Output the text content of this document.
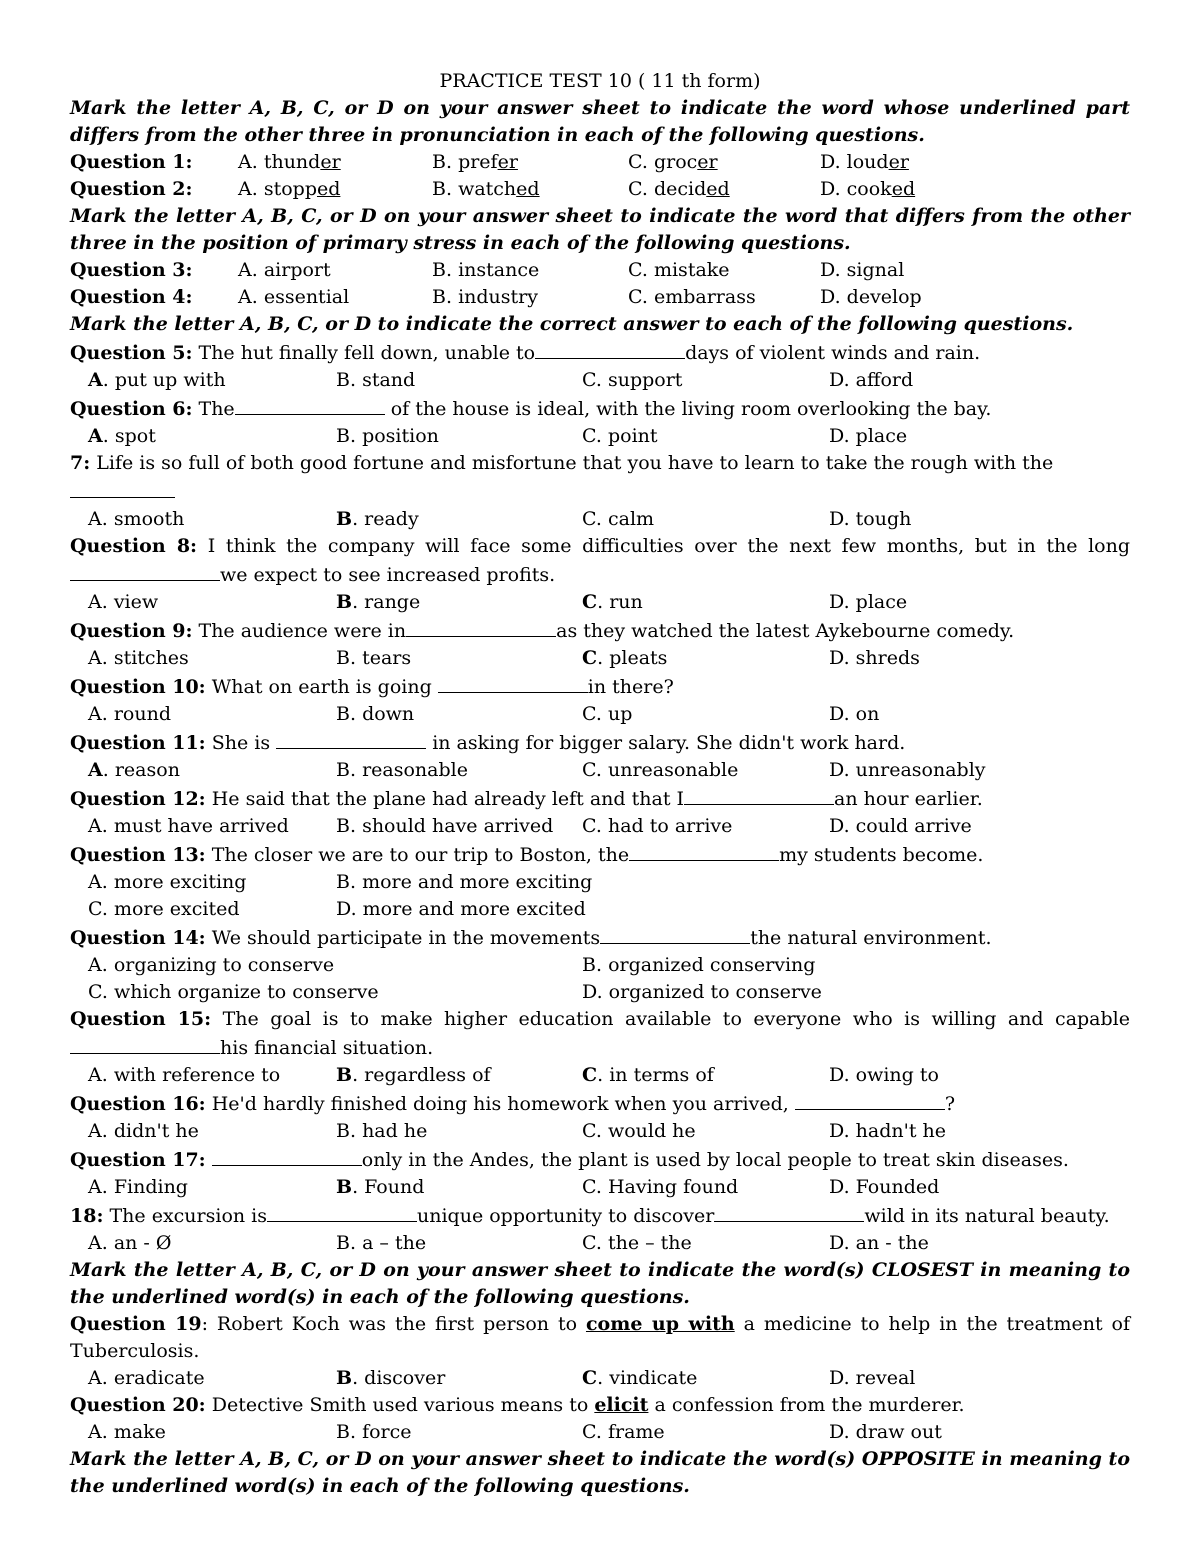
PRACTICE TEST 10 ( 11 th form)
Mark the letter A, B, C, or D on your answer sheet to indicate the word whose underlined part differs from the other three in pronunciation in each of the following questions.
Question 1: A. thunder	B. prefer	C. grocer	D. louder
Question 2: A. stopped	B. watched	C. decided	D. cooked
Mark the letter A, B, C, or D on your answer sheet to indicate the word that differs from the other three in the position of primary stress in each of the following questions.
Question 3: A. airport	B. instance	C. mistake	D. signal
Question 4: A. essential	B. industry	C. embarrass	D. develop
Mark the letter A, B, C, or D to indicate the correct answer to each of the following questions.
Question 5: The hut finally fell down, unable to	days of violent winds and rain.
A. put up with	B. stand	C. support	D. afford
Question 6: The	of the house is ideal, with the living room overlooking the bay.
A. spot	B. position	C. point	D. place
7: Life is so full of both good fortune and misfortune that you have to learn to take the rough with the

A. smooth	B. ready	C. calm	D. tough
Question 8: I think the company will face some difficulties over the next few months, but in the longwe expect to see increased profits.
A. view	B. range	C. run	D. place
Question 9: The audience were in	as they watched the latest Aykebourne comedy.
A. stitches	B. tears	C. pleats	D. shreds
Question 10: What on earth is going	in there?
A. round	B. down	C. up	D. on
Question 11: She is	in asking for bigger salary. She didn't work hard.
A. reason	B. reasonable	C. unreasonable	D. unreasonably
Question 12: He said that the plane had already left and that I	an hour earlier.
A. must have arrived B. should have arrived C. had to arrive	D. could arrive
Question 13: The closer we are to our trip to Boston, the	my students become.
A. more exciting	B. more and more exciting
C. more excited	D. more and more excited
Question 14: We should participate in the movements	the natural environment.
A. organizing to conserve	B. organized conserving
C. which organize to conserve	D. organized to conserve
Question 15: The goal is to make higher education available to everyone who is willing and capablehis financial situation.
A. with reference to	B. regardless of	C. in terms of	D. owing to
Question 16: He'd hardly finished doing his homework when you arrived,	?
A. didn't he	B. had he	C. would he	D. hadn't he
Question 17:	only in the Andes, the plant is used by local people to treat skin diseases.
A. Finding	B. Found	C. Having found	D. Founded
18: The excursion is	unique opportunity to discover	wild in its natural beauty.
A. an - Ø	B. a – the	C. the – the	D. an - the
Mark the letter A, B, C, or D on your answer sheet to indicate the word(s) CLOSEST in meaning to the underlined word(s) in each of the following questions.
Question 19: Robert Koch was the first person to come up with a medicine to help in the treatment of Tuberculosis.
A. eradicate	B. discover	C. vindicate	D. reveal
Question 20: Detective Smith used various means to elicit a confession from the murderer.
A. make	B. force	C. frame	D. draw out
Mark the letter A, B, C, or D on your answer sheet to indicate the word(s) OPPOSITE in meaning to the underlined word(s) in each of the following questions.
